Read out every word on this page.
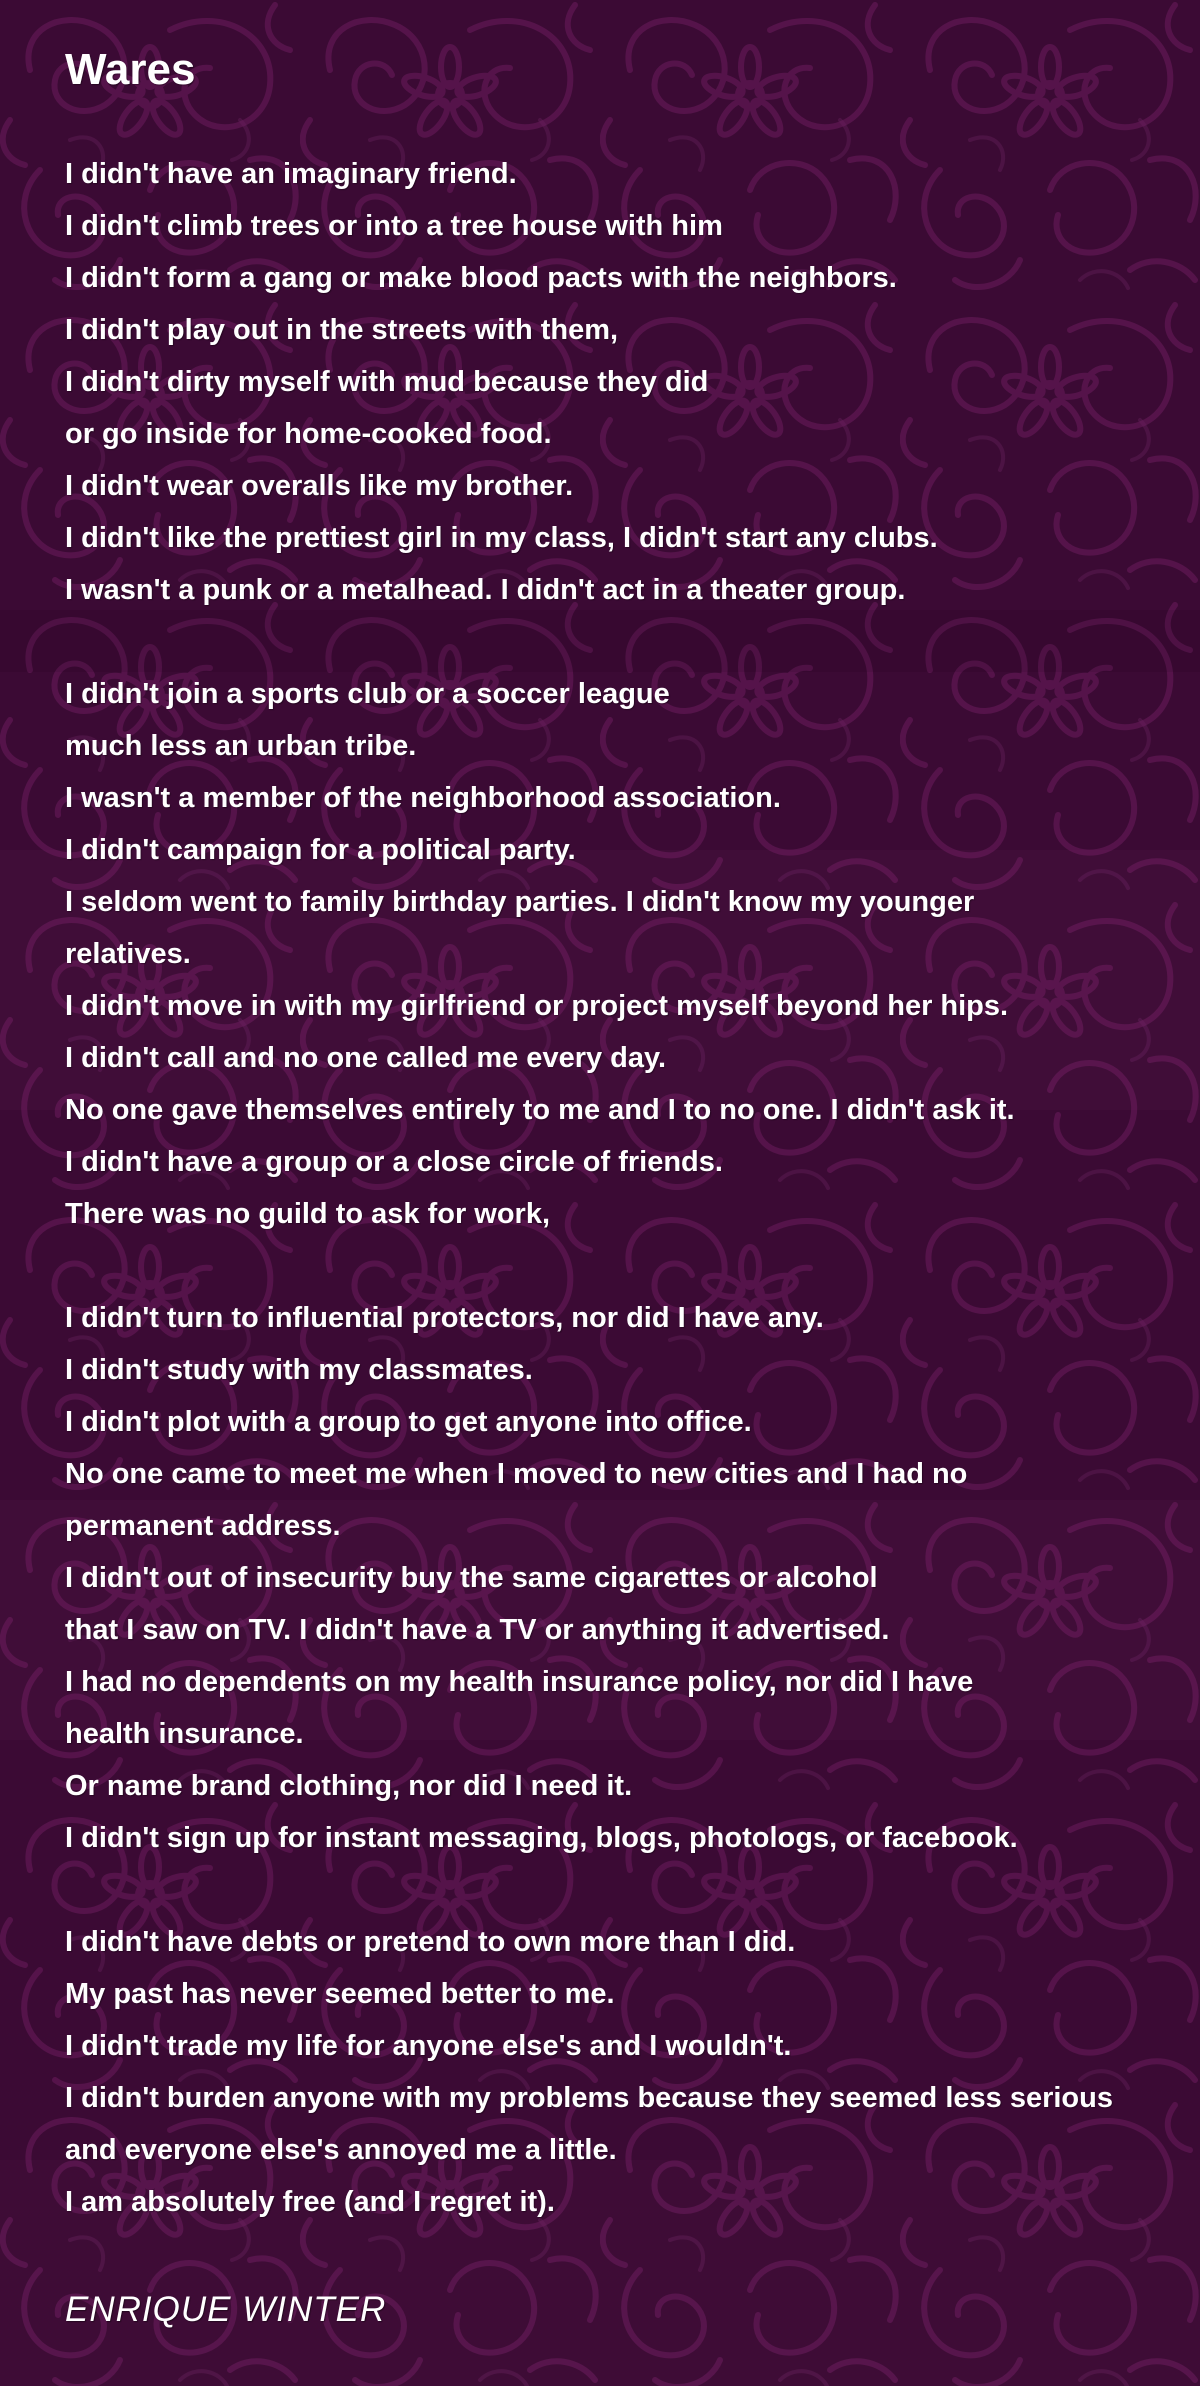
Wares
I didn't have an imaginary friend.
I didn't climb trees or into a tree house with him
I didn't form a gang or make blood pacts with the neighbors.
I didn't play out in the streets with them,
I didn't dirty myself with mud because they did
or go inside for home-cooked food.
I didn't wear overalls like my brother.
I didn't like the prettiest girl in my class, I didn't start any clubs.
I wasn't a punk or a metalhead. I didn't act in a theater group.
I didn't join a sports club or a soccer league
much less an urban tribe.
I wasn't a member of the neighborhood association.
I didn't campaign for a political party.
I seldom went to family birthday parties. I didn't know my younger
relatives.
I didn't move in with my girlfriend or project myself beyond her hips.
I didn't call and no one called me every day.
No one gave themselves entirely to me and I to no one. I didn't ask it.
I didn't have a group or a close circle of friends.
There was no guild to ask for work,
I didn't turn to influential protectors, nor did I have any.
I didn't study with my classmates.
I didn't plot with a group to get anyone into office.
No one came to meet me when I moved to new cities and I had no
permanent address.
I didn't out of insecurity buy the same cigarettes or alcohol
that I saw on TV. I didn't have a TV or anything it advertised.
I had no dependents on my health insurance policy, nor did I have
health insurance.
Or name brand clothing, nor did I need it.
I didn't sign up for instant messaging, blogs, photologs, or facebook.
I didn't have debts or pretend to own more than I did.
My past has never seemed better to me.
I didn't trade my life for anyone else's and I wouldn't.
I didn't burden anyone with my problems because they seemed less serious
and everyone else's annoyed me a little.
I am absolutely free (and I regret it).
ENRIQUE WINTER
